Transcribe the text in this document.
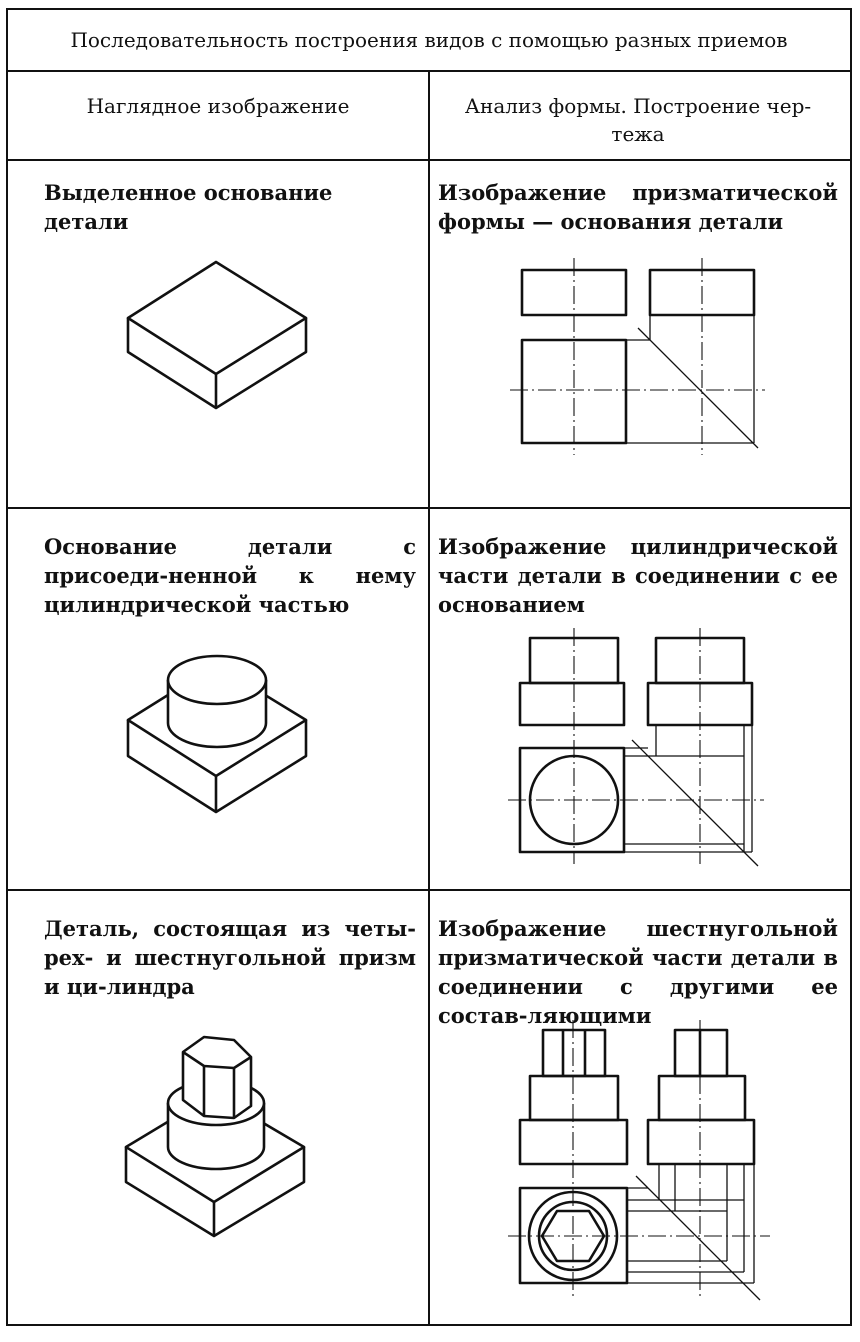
Последовательность построения видов с помощью разных приемов
Наглядное изображение	Анализ формы. Построение чер-тежа
Выделенное основание детали
Изображение призматической формы — основания детали
Основание детали с присоеди-ненной к нему цилиндрической частью
Изображение цилиндрической части детали в соединении с ее основанием
Деталь, состоящая из четы-рех- и шестнугольной призм и ци-линдра
Изображение шестнугольной призматической части детали в соединении с другими ее состав-ляющими
